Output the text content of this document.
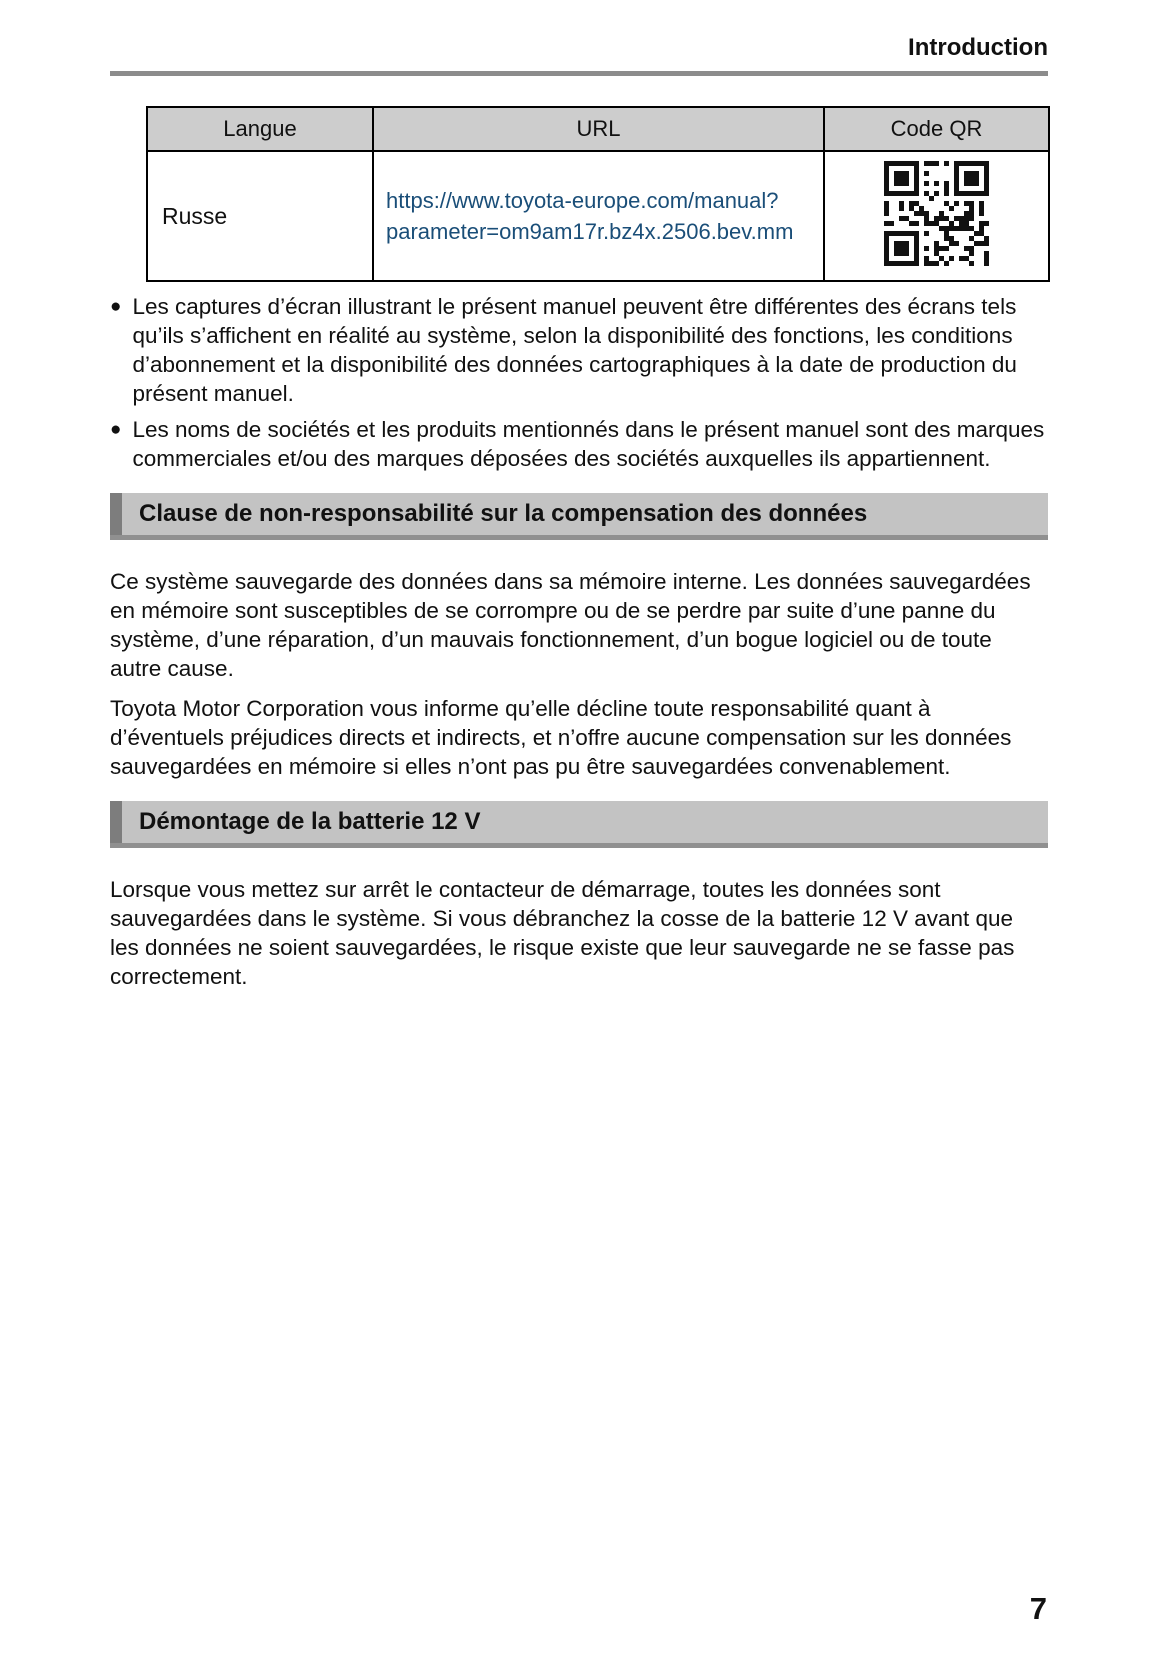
Introduction
Langue	URL	Code QR
Russe	https://www.toyota-europe.com/manual?
parameter=om9am17r.bz4x.2506.bev.mm	
● Les captures d’écran illustrant le présent manuel peuvent être différentes des écrans tels qu’ils s’affichent en réalité au système, selon la disponibilité des fonctions, les conditions d’abonnement et la disponibilité des données cartographiques à la date de production du présent manuel.
● Les noms de sociétés et les produits mentionnés dans le présent manuel sont des marques commerciales et/ou des marques déposées des sociétés auxquelles ils appartiennent.
Clause de non-responsabilité sur la compensation des données

Ce système sauvegarde des données dans sa mémoire interne. Les données sauvegardées en mémoire sont susceptibles de se corrompre ou de se perdre par suite d’une panne du système, d’une réparation, d’un mauvais fonctionnement, d’un bogue logiciel ou de toute autre cause.

Toyota Motor Corporation vous informe qu’elle décline toute responsabilité quant à d’éventuels préjudices directs et indirects, et n’offre aucune compensation sur les données sauvegardées en mémoire si elles n’ont pas pu être sauvegardées convenablement.

Démontage de la batterie 12 V

Lorsque vous mettez sur arrêt le contacteur de démarrage, toutes les données sont sauvegardées dans le système. Si vous débranchez la cosse de la batterie 12 V avant que les données ne soient sauvegardées, le risque existe que leur sauvegarde ne se fasse pas correctement.

7
